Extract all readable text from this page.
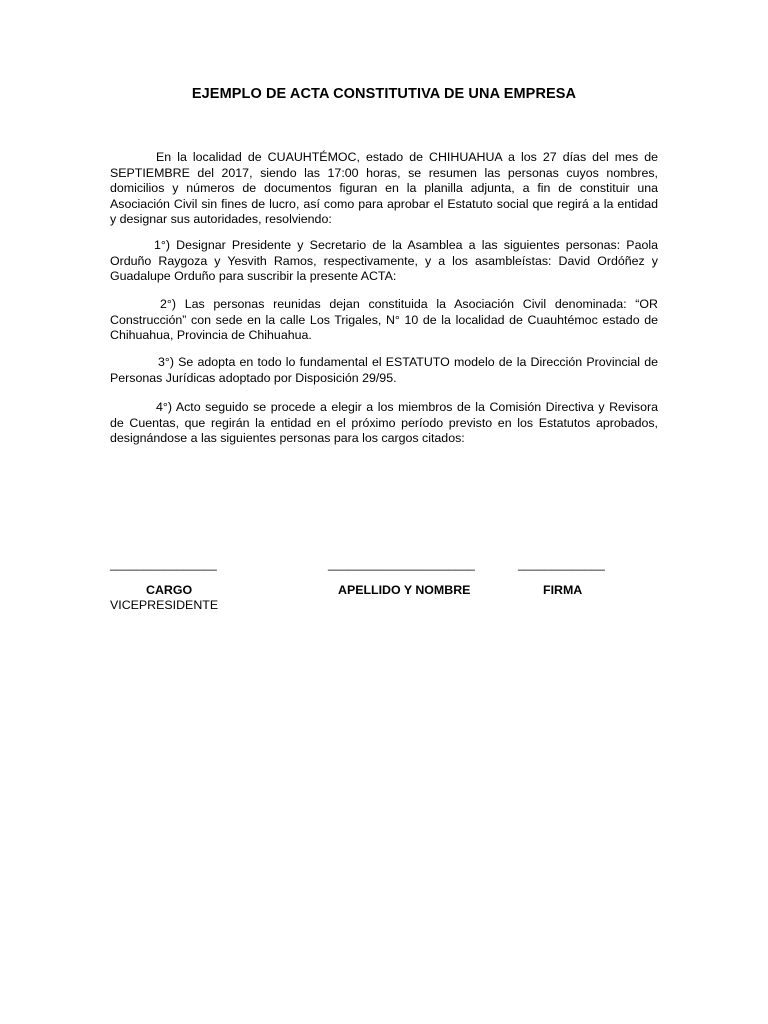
EJEMPLO DE ACTA CONSTITUTIVA DE UNA EMPRESA

En la localidad de CUAUHTÉMOC, estado de CHIHUAHUA a los 27 días del mes de SEPTIEMBRE del 2017, siendo las 17:00 horas, se resumen las personas cuyos nombres, domicilios y números de documentos figuran en la planilla adjunta, a fin de constituir una Asociación Civil sin fines de lucro, así como para aprobar el Estatuto social que regirá a la entidad y designar sus autoridades, resolviendo:

1°) Designar Presidente y Secretario de la Asamblea a las siguientes personas: Paola Orduño Raygoza y Yesvith Ramos, respectivamente, y a los asambleístas: David Ordóñez y Guadalupe Orduño para suscribir la presente ACTA:

2°) Las personas reunidas dejan constituida la Asociación Civil denominada: “OR Construcción” con sede en la calle Los Trigales, N° 10 de la localidad de Cuauhtémoc estado de Chihuahua, Provincia de Chihuahua.

3°) Se adopta en todo lo fundamental el ESTATUTO modelo de la Dirección Provincial de Personas Jurídicas adoptado por Disposición 29/95.

4°) Acto seguido se procede a elegir a los miembros de la Comisión Directiva y Revisora de Cuentas, que regirán la entidad en el próximo período previsto en los Estatutos aprobados, designándose a las siguientes personas para los cargos citados:

________________	______________________	_____________
CARGO	APELLIDO Y NOMBRE	FIRMA
VICEPRESIDENTE
